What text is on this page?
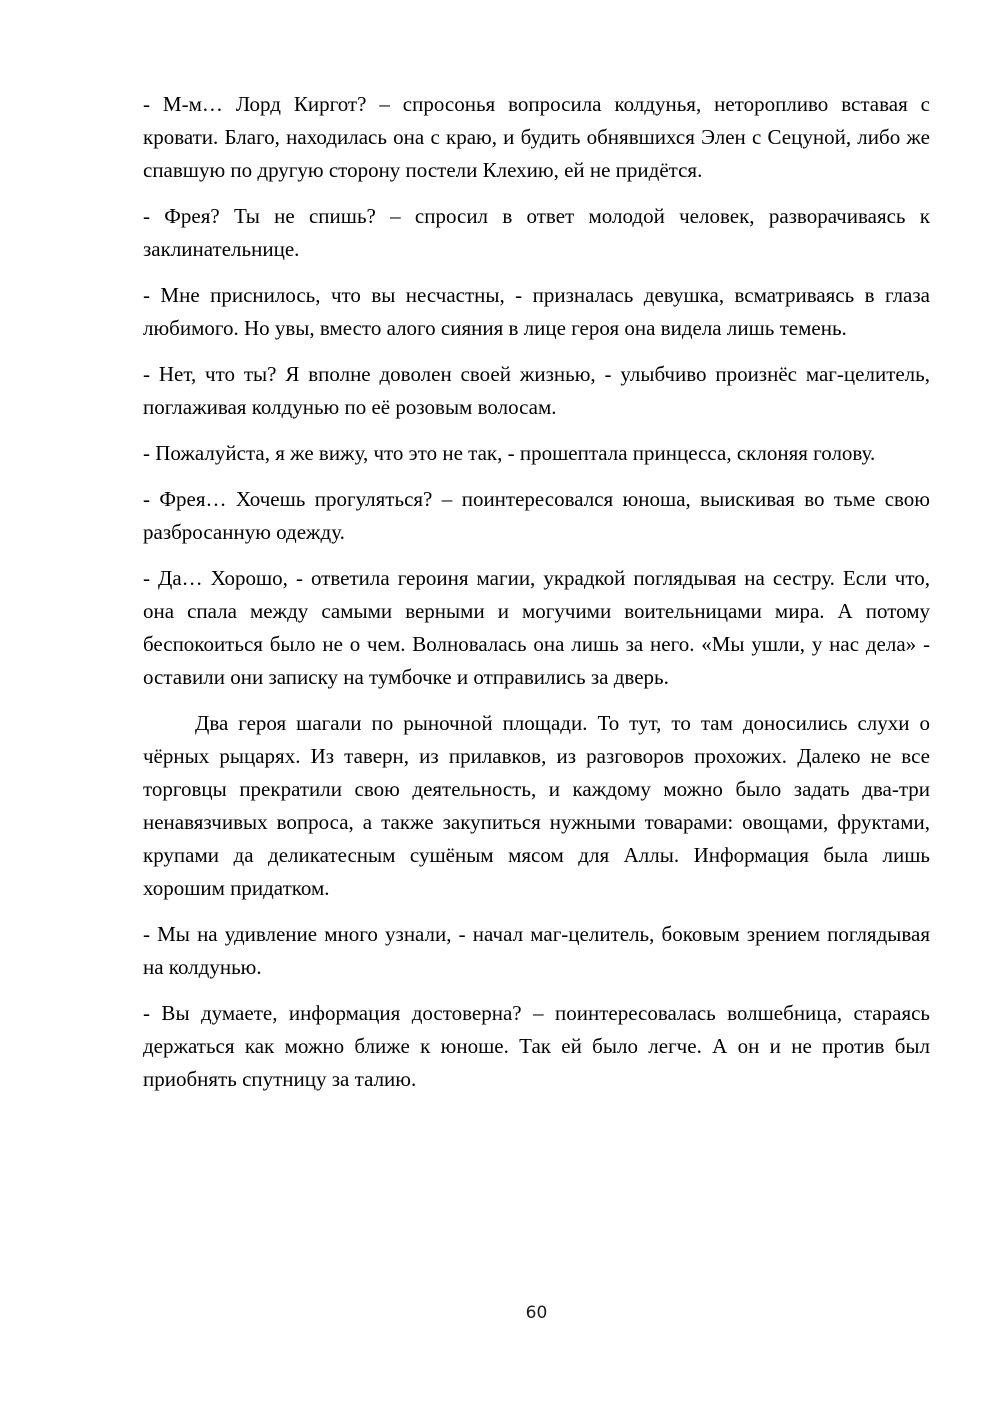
- М-м… Лорд Киргот? – спросонья вопросила колдунья, неторопливо вставая с кровати. Благо, находилась она с краю, и будить обнявшихся Элен с Сецуной, либо же спавшую по другую сторону постели Клехию, ей не придётся.

- Фрея? Ты не спишь? – спросил в ответ молодой человек, разворачиваясь к заклинательнице.

- Мне приснилось, что вы несчастны, - призналась девушка, всматриваясь в глаза любимого. Но увы, вместо алого сияния в лице героя она видела лишь темень.

- Нет, что ты? Я вполне доволен своей жизнью, - улыбчиво произнёс маг-целитель, поглаживая колдунью по её розовым волосам.

- Пожалуйста, я же вижу, что это не так, - прошептала принцесса, склоняя голову.

- Фрея… Хочешь прогуляться? – поинтересовался юноша, выискивая во тьме свою разбросанную одежду.

- Да… Хорошо, - ответила героиня магии, украдкой поглядывая на сестру. Если что, она спала между самыми верными и могучими воительницами мира. А потому беспокоиться было не о чем. Волновалась она лишь за него. «Мы ушли, у нас дела» - оставили они записку на тумбочке и отправились за дверь.

Два героя шагали по рыночной площади. То тут, то там доносились слухи о чёрных рыцарях. Из таверн, из прилавков, из разговоров прохожих. Далеко не все торговцы прекратили свою деятельность, и каждому можно было задать два-три ненавязчивых вопроса, а также закупиться нужными товарами: овощами, фруктами, крупами да деликатесным сушёным мясом для Аллы. Информация была лишь хорошим придатком.

- Мы на удивление много узнали, - начал маг-целитель, боковым зрением поглядывая на колдунью.

- Вы думаете, информация достоверна? – поинтересовалась волшебница, стараясь держаться как можно ближе к юноше. Так ей было легче. А он и не против был приобнять спутницу за талию.

60
